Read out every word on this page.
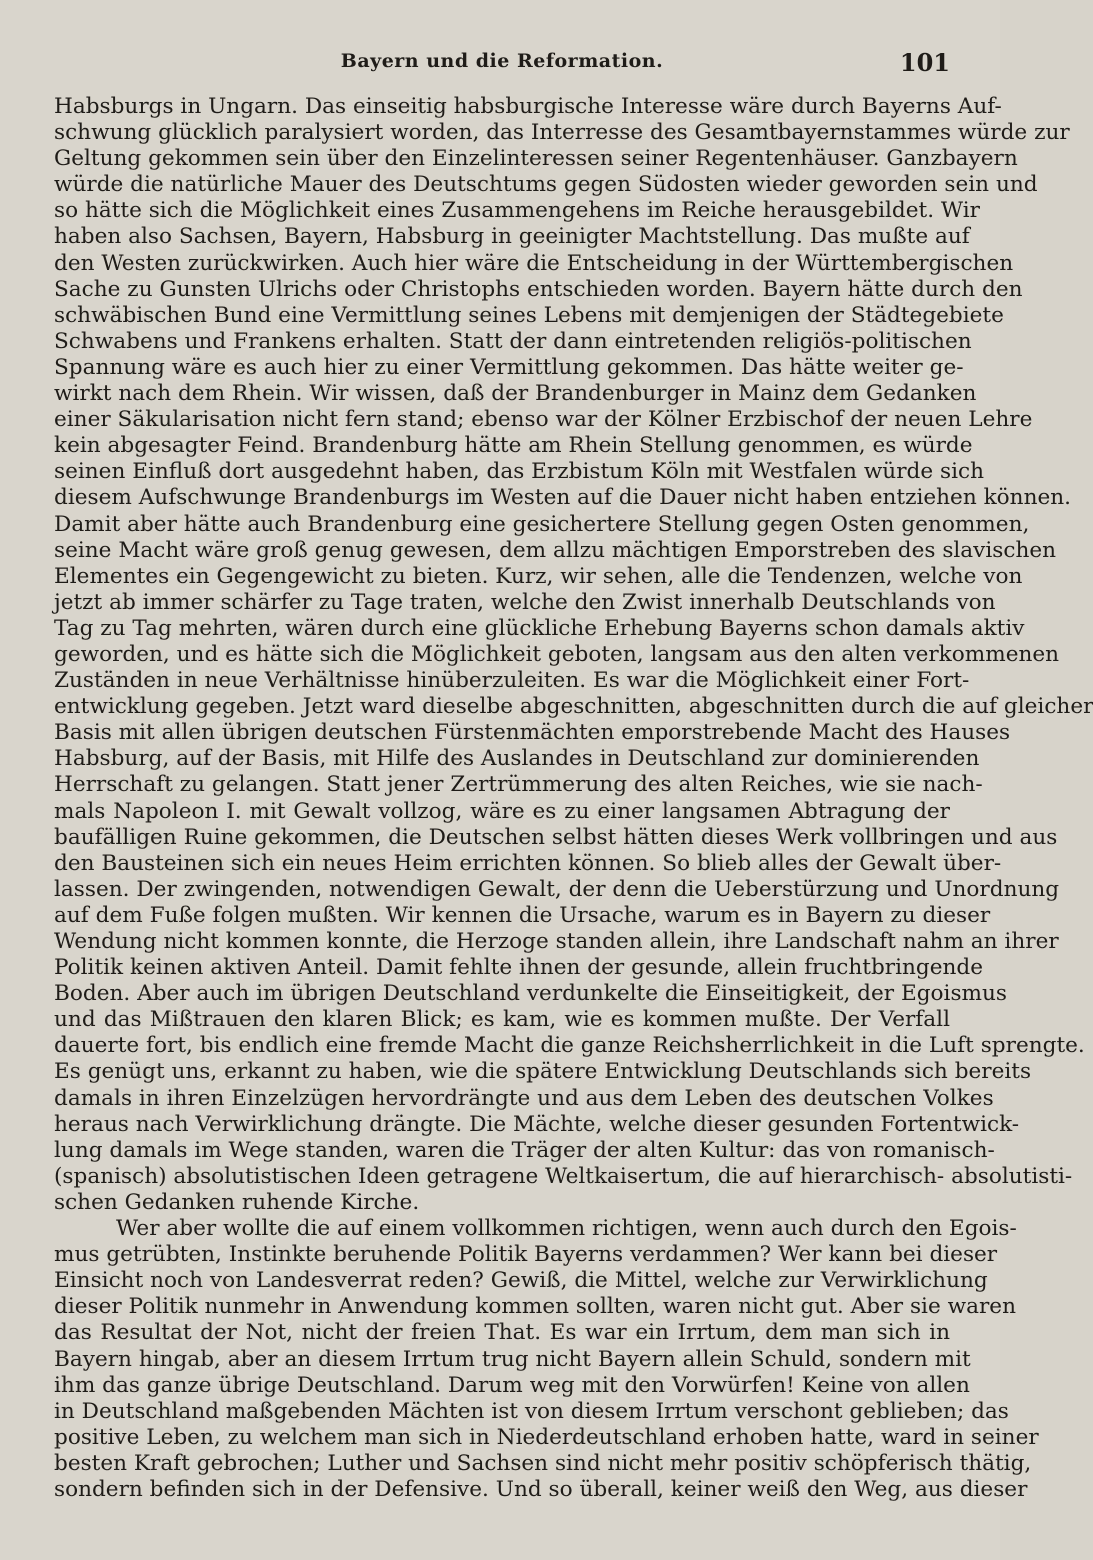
Bayern und die Reformation.	101
Habsburgs in Ungarn. Das einseitig habsburgische Interesse wäre durch Bayerns Auf-
schwung glücklich paralysiert worden, das Interresse des Gesamtbayernstammes würde zur
Geltung gekommen sein über den Einzelinteressen seiner Regentenhäuser. Ganzbayern
würde die natürliche Mauer des Deutschtums gegen Südosten wieder geworden sein und
so hätte sich die Möglichkeit eines Zusammengehens im Reiche herausgebildet. Wir
haben also Sachsen, Bayern, Habsburg in geeinigter Machtstellung. Das mußte auf
den Westen zurückwirken. Auch hier wäre die Entscheidung in der Württembergischen
Sache zu Gunsten Ulrichs oder Christophs entschieden worden. Bayern hätte durch den
schwäbischen Bund eine Vermittlung seines Lebens mit demjenigen der Städtegebiete
Schwabens und Frankens erhalten. Statt der dann eintretenden religiös-politischen
Spannung wäre es auch hier zu einer Vermittlung gekommen. Das hätte weiter ge-
wirkt nach dem Rhein. Wir wissen, daß der Brandenburger in Mainz dem Gedanken
einer Säkularisation nicht fern stand; ebenso war der Kölner Erzbischof der neuen Lehre
kein abgesagter Feind. Brandenburg hätte am Rhein Stellung genommen, es würde
seinen Einfluß dort ausgedehnt haben, das Erzbistum Köln mit Westfalen würde sich
diesem Aufschwunge Brandenburgs im Westen auf die Dauer nicht haben entziehen können.
Damit aber hätte auch Brandenburg eine gesichertere Stellung gegen Osten genommen,
seine Macht wäre groß genug gewesen, dem allzu mächtigen Emporstreben des slavischen
Elementes ein Gegengewicht zu bieten. Kurz, wir sehen, alle die Tendenzen, welche von
jetzt ab immer schärfer zu Tage traten, welche den Zwist innerhalb Deutschlands von
Tag zu Tag mehrten, wären durch eine glückliche Erhebung Bayerns schon damals aktiv
geworden, und es hätte sich die Möglichkeit geboten, langsam aus den alten verkommenen
Zuständen in neue Verhältnisse hinüberzuleiten. Es war die Möglichkeit einer Fort-
entwicklung gegeben. Jetzt ward dieselbe abgeschnitten, abgeschnitten durch die auf gleicher
Basis mit allen übrigen deutschen Fürstenmächten emporstrebende Macht des Hauses
Habsburg, auf der Basis, mit Hilfe des Auslandes in Deutschland zur dominierenden
Herrschaft zu gelangen. Statt jener Zertrümmerung des alten Reiches, wie sie nach-
mals Napoleon I. mit Gewalt vollzog, wäre es zu einer langsamen Abtragung der
baufälligen Ruine gekommen, die Deutschen selbst hätten dieses Werk vollbringen und aus
den Bausteinen sich ein neues Heim errichten können. So blieb alles der Gewalt über-
lassen. Der zwingenden, notwendigen Gewalt, der denn die Ueberstürzung und Unordnung
auf dem Fuße folgen mußten. Wir kennen die Ursache, warum es in Bayern zu dieser
Wendung nicht kommen konnte, die Herzoge standen allein, ihre Landschaft nahm an ihrer
Politik keinen aktiven Anteil. Damit fehlte ihnen der gesunde, allein fruchtbringende
Boden. Aber auch im übrigen Deutschland verdunkelte die Einseitigkeit, der Egoismus
und das Mißtrauen den klaren Blick; es kam, wie es kommen mußte. Der Verfall
dauerte fort, bis endlich eine fremde Macht die ganze Reichsherrlichkeit in die Luft sprengte.
Es genügt uns, erkannt zu haben, wie die spätere Entwicklung Deutschlands sich bereits
damals in ihren Einzelzügen hervordrängte und aus dem Leben des deutschen Volkes
heraus nach Verwirklichung drängte. Die Mächte, welche dieser gesunden Fortentwick-
lung damals im Wege standen, waren die Träger der alten Kultur: das von romanisch-
(spanisch) absolutistischen Ideen getragene Weltkaisertum, die auf hierarchisch- absolutisti-
schen Gedanken ruhende Kirche.
Wer aber wollte die auf einem vollkommen richtigen, wenn auch durch den Egois-
mus getrübten, Instinkte beruhende Politik Bayerns verdammen? Wer kann bei dieser
Einsicht noch von Landesverrat reden? Gewiß, die Mittel, welche zur Verwirklichung
dieser Politik nunmehr in Anwendung kommen sollten, waren nicht gut. Aber sie waren
das Resultat der Not, nicht der freien That. Es war ein Irrtum, dem man sich in
Bayern hingab, aber an diesem Irrtum trug nicht Bayern allein Schuld, sondern mit
ihm das ganze übrige Deutschland. Darum weg mit den Vorwürfen! Keine von allen
in Deutschland maßgebenden Mächten ist von diesem Irrtum verschont geblieben; das
positive Leben, zu welchem man sich in Niederdeutschland erhoben hatte, ward in seiner
besten Kraft gebrochen; Luther und Sachsen sind nicht mehr positiv schöpferisch thätig,
sondern befinden sich in der Defensive. Und so überall, keiner weiß den Weg, aus dieser
